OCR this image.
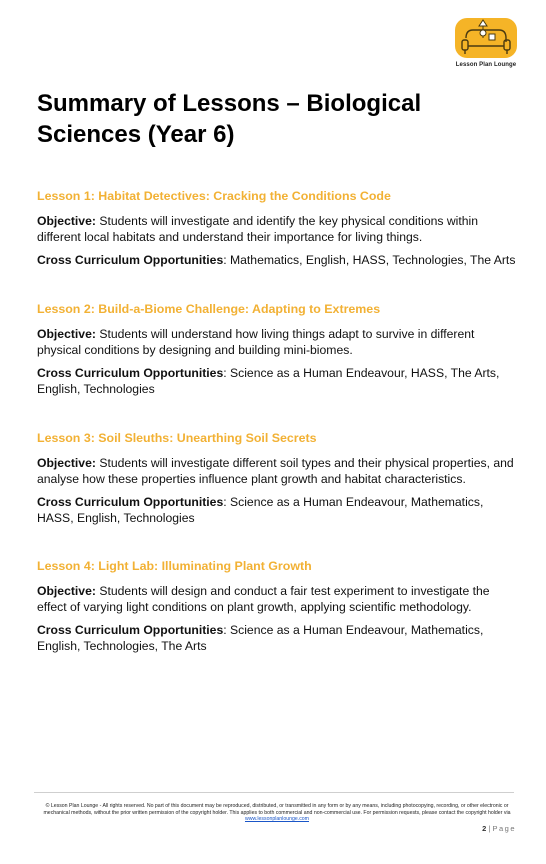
Lesson Plan Lounge
Summary of Lessons – Biological Sciences (Year 6)
Lesson 1: Habitat Detectives: Cracking the Conditions Code

Objective: Students will investigate and identify the key physical conditions within different local habitats and understand their importance for living things.

Cross Curriculum Opportunities: Mathematics, English, HASS, Technologies, The Arts

Lesson 2: Build-a-Biome Challenge: Adapting to Extremes

Objective: Students will understand how living things adapt to survive in different physical conditions by designing and building mini-biomes.

Cross Curriculum Opportunities: Science as a Human Endeavour, HASS, The Arts, English, Technologies

Lesson 3: Soil Sleuths: Unearthing Soil Secrets

Objective: Students will investigate different soil types and their physical properties, and analyse how these properties influence plant growth and habitat characteristics.

Cross Curriculum Opportunities: Science as a Human Endeavour, Mathematics, HASS, English, Technologies

Lesson 4: Light Lab: Illuminating Plant Growth

Objective: Students will design and conduct a fair test experiment to investigate the effect of varying light conditions on plant growth, applying scientific methodology.

Cross Curriculum Opportunities: Science as a Human Endeavour, Mathematics, English, Technologies, The Arts

© Lesson Plan Lounge - All rights reserved. No part of this document may be reproduced, distributed, or transmitted in any form or by any means, including photocopying, recording, or other electronic or mechanical methods, without the prior written permission of the copyright holder. This applies to both commercial and non-commercial use. For permission requests, please contact the copyright holder via
www.lessonplanlounge.com
2 | Page
